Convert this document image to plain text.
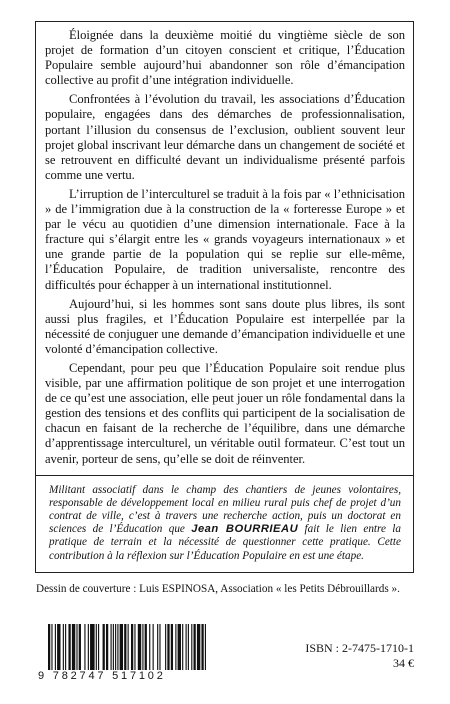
Éloignée dans la deuxième moitié du vingtième siècle de son projet de formation d’un citoyen conscient et critique, l’Éducation Populaire semble aujourd’hui abandonner son rôle d’émancipation collective au profit d’une intégration individuelle.

Confrontées à l’évolution du travail, les associations d’Éducation populaire, engagées dans des démarches de professionnalisation, portant l’illusion du consensus de l’exclusion, oublient souvent leur projet global inscrivant leur démarche dans un changement de société et se retrouvent en difficulté devant un individualisme présenté parfois comme une vertu.

L’irruption de l’interculturel se traduit à la fois par « l’ethnicisation » de l’immigration due à la construction de la « forteresse Europe » et par le vécu au quotidien d’une dimension internationale. Face à la fracture qui s’élargit entre les « grands voyageurs internationaux » et une grande partie de la population qui se replie sur elle-même, l’Éducation Populaire, de tradition universaliste, rencontre des difficultés pour échapper à un international institutionnel.

Aujourd’hui, si les hommes sont sans doute plus libres, ils sont aussi plus fragiles, et l’Éducation Populaire est interpellée par la nécessité de conjuguer une demande d’émancipation individuelle et une volonté d’émancipation collective.

Cependant, pour peu que l’Éducation Populaire soit rendue plus visible, par une affirmation politique de son projet et une interrogation de ce qu’est une association, elle peut jouer un rôle fondamental dans la gestion des tensions et des conflits qui participent de la socialisation de chacun en faisant de la recherche de l’équilibre, dans une démarche d’apprentissage interculturel, un véritable outil formateur. C’est tout un avenir, porteur de sens, qu’elle se doit de réinventer.

Militant associatif dans le champ des chantiers de jeunes volontaires, responsable de développement local en milieu rural puis chef de projet d’un contrat de ville, c’est à travers une recherche action, puis un doctorat en sciences de l’Éducation que Jean BOURRIEAU fait le lien entre la pratique de terrain et la nécessité de questionner cette pratique. Cette contribution à la réflexion sur l’Éducation Populaire en est une étape.
Dessin de couverture : Luis ESPINOSA, Association « les Petits Débrouillards ».
9 782747 517102
ISBN : 2-7475-1710-1
34 €
